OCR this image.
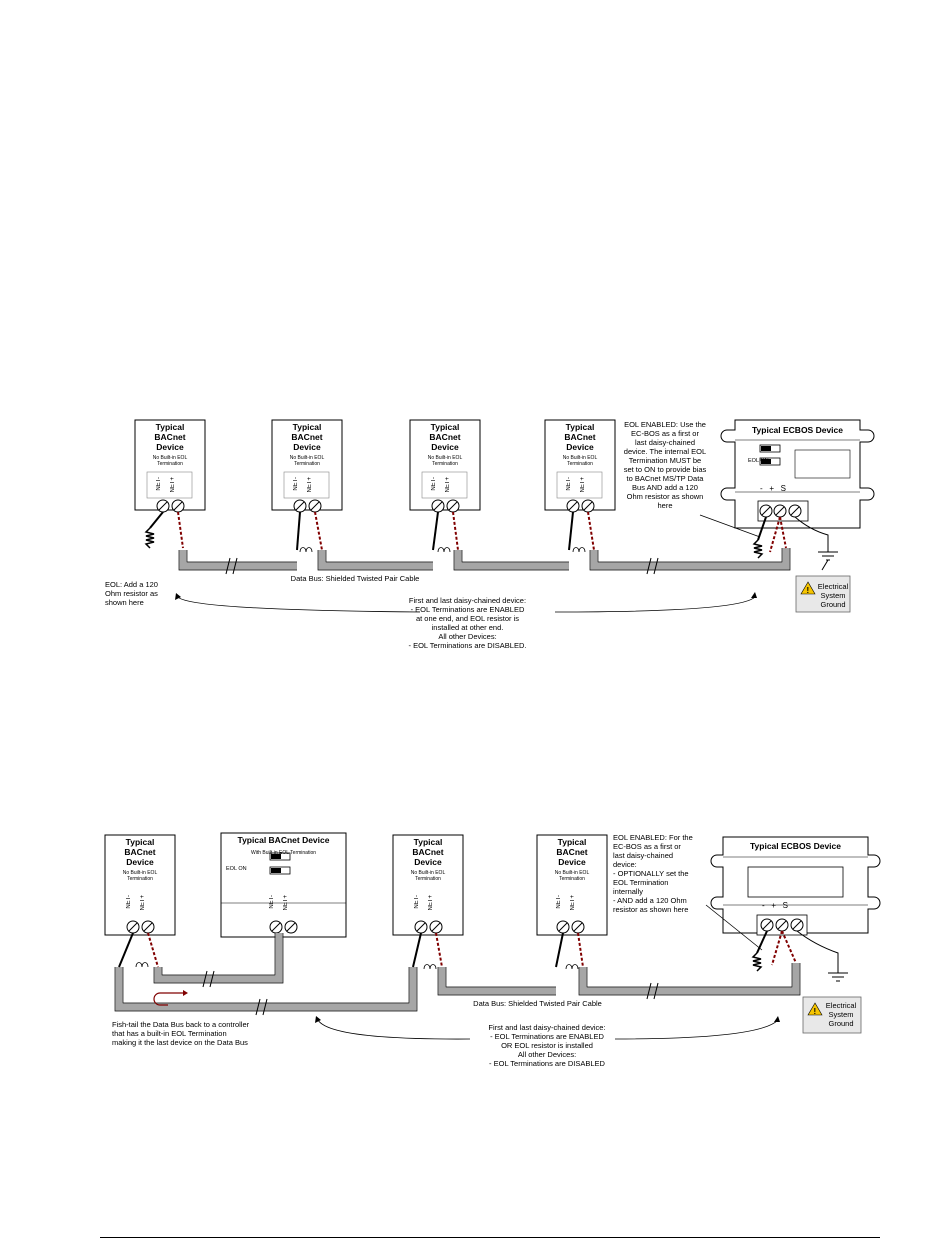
!
Typical
BACnet
Device
No Built-in EOL
Termination
NET- NET+
Typical
BACnet
Device
No Built-in EOL
Termination
NET- NET+
Typical
BACnet
Device
No Built-in EOL
Termination
NET- NET+
Typical
BACnet
Device
No Built-in EOL
Termination
NET- NET+
Typical ECBOS Device
EOL ON
-   +   S
EOL ENABLED: Use the
EC-BOS as a first or
last daisy-chained
device. The internal EOL
Termination MUST be
set to ON to provide bias
to BACnet MS/TP Data
Bus AND add a 120
Ohm resistor as shown
here
EOL: Add a 120
Ohm resistor as
shown here
Data Bus: Shielded Twisted Pair Cable
First and last daisy-chained device:
- EOL Terminations are ENABLED
at one end, and EOL resistor is
installed at other end.
All other Devices:
- EOL Terminations are DISABLED.
Electrical
System
Ground
!
Typical
BACnet
Device
No Built-in EOL
Termination
NET- NET+
Typical BACnet Device
With Built-in EOL Termination
EOL ON
NET- NET+
Typical
BACnet
Device
No Built-in EOL
Termination
NET- NET+
Typical
BACnet
Device
No Built-in EOL
Termination
NET- NET+
Typical ECBOS Device
-   +   S
EOL ENABLED: For the
EC-BOS as a first or
last daisy-chained
device:
- OPTIONALLY set the
EOL Termination
internally
- AND add a 120 Ohm
resistor as shown here
Fish-tail the Data Bus back to a controller
that has a built-in EOL Termination
making it the last device on the Data Bus
Data Bus: Shielded Twisted Pair Cable
First and last daisy-chained device:
- EOL Terminations are ENABLED
OR EOL resistor is installed
All other Devices:
- EOL Terminations are DISABLED
Electrical
System
Ground
